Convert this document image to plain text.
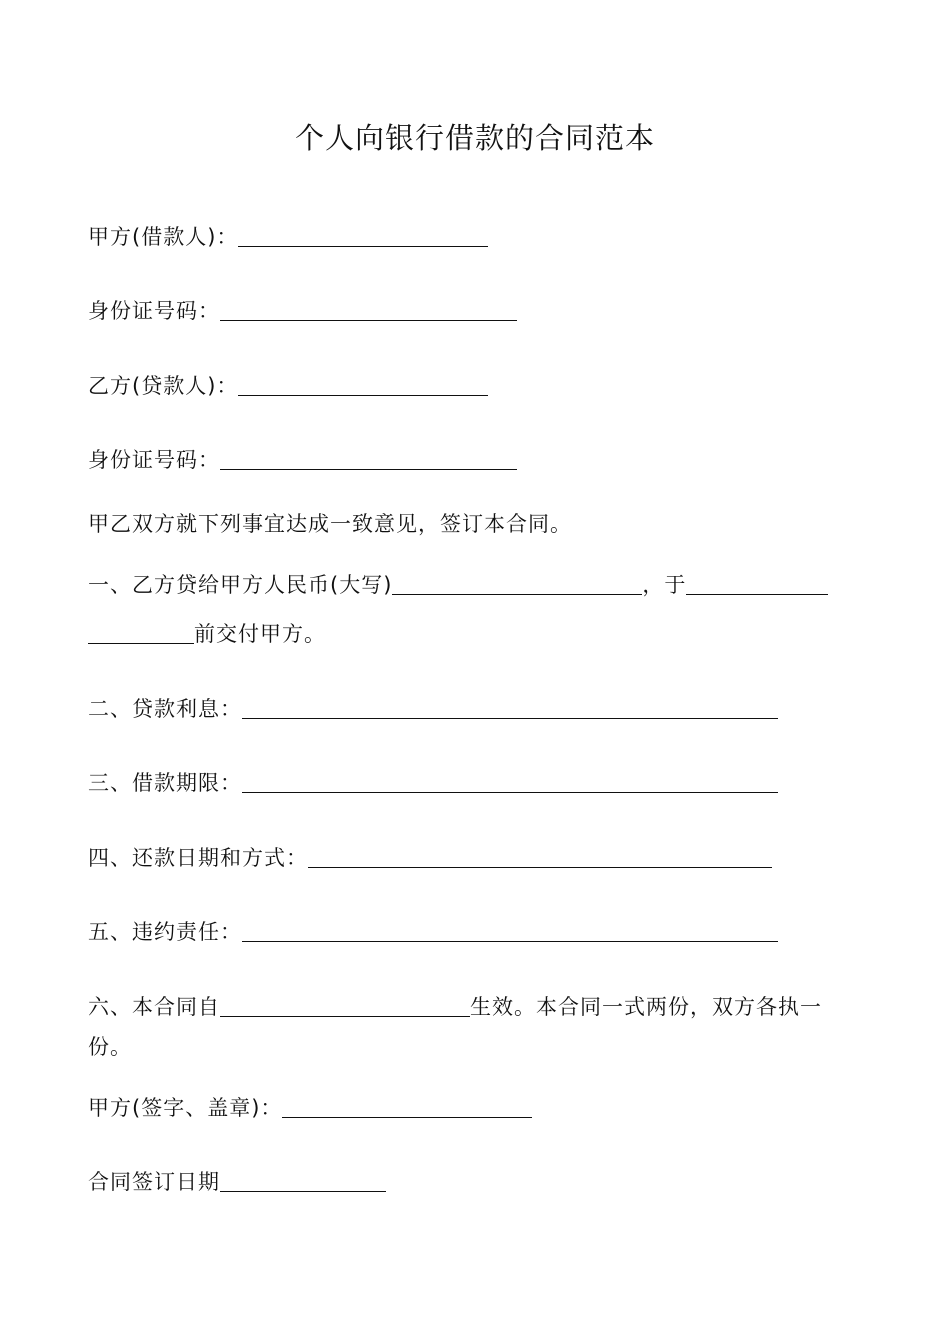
个人向银行借款的合同范本
甲方(借款人)：
身份证号码：
乙方(贷款人)：
身份证号码：
甲乙双方就下列事宜达成一致意见，签订本合同。
一、乙方贷给甲方人民币(大写)	，于
前交付甲方。
二、贷款利息：
三、借款期限：
四、还款日期和方式：
五、违约责任：
六、本合同自	生效。本合同一式两份，双方各执一
份。
甲方(签字、盖章)：
合同签订日期
